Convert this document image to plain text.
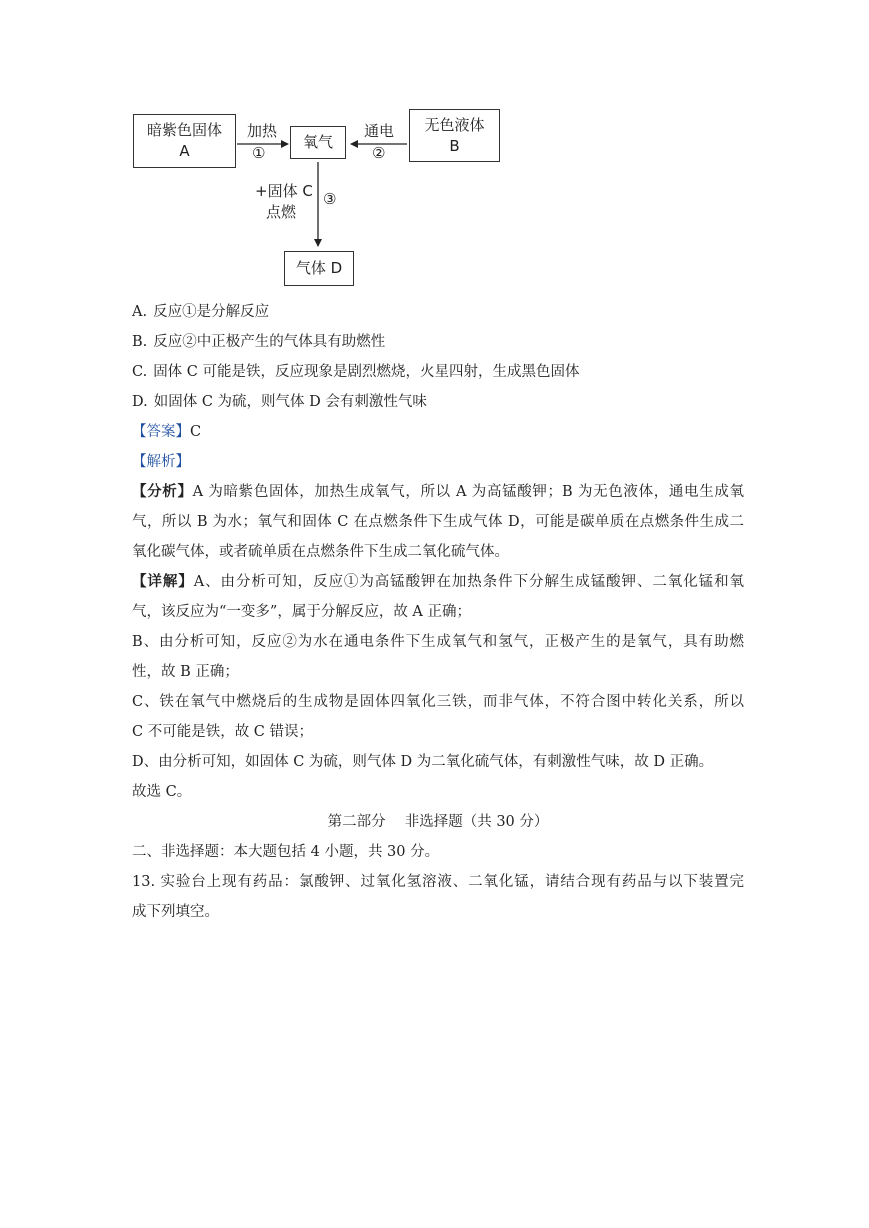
暗紫色固体
A	氧气
无色液体
B
气体 D
加热
①
通电
②
+固体 C
点燃
③
A. 反应①是分解反应
B. 反应②中正极产生的气体具有助燃性
C. 固体 C 可能是铁，反应现象是剧烈燃烧，火星四射，生成黑色固体
D. 如固体 C 为硫，则气体 D 会有刺激性气味
【答案】C
【解析】
【分析】A 为暗紫色固体，加热生成氧气，所以 A 为高锰酸钾；B 为无色液体，通电生成氧
气，所以 B 为水；氧气和固体 C 在点燃条件下生成气体 D，可能是碳单质在点燃条件生成二
氧化碳气体，或者硫单质在点燃条件下生成二氧化硫气体。
【详解】A、由分析可知，反应①为高锰酸钾在加热条件下分解生成锰酸钾、二氧化锰和氧
气，该反应为“一变多”，属于分解反应，故 A 正确；
B、由分析可知，反应②为水在通电条件下生成氧气和氢气，正极产生的是氧气，具有助燃
性，故 B 正确；
C、铁在氧气中燃烧后的生成物是固体四氧化三铁，而非气体，不符合图中转化关系，所以
C 不可能是铁，故 C 错误；
D、由分析可知，如固体 C 为硫，则气体 D 为二氧化硫气体，有刺激性气味，故 D 正确。
故选 C。
第二部分　 非选择题（共 30 分）
二、非选择题：本大题包括 4 小题，共 30 分。
13. 实验台上现有药品：氯酸钾、过氧化氢溶液、二氧化锰，请结合现有药品与以下装置完
成下列填空。
